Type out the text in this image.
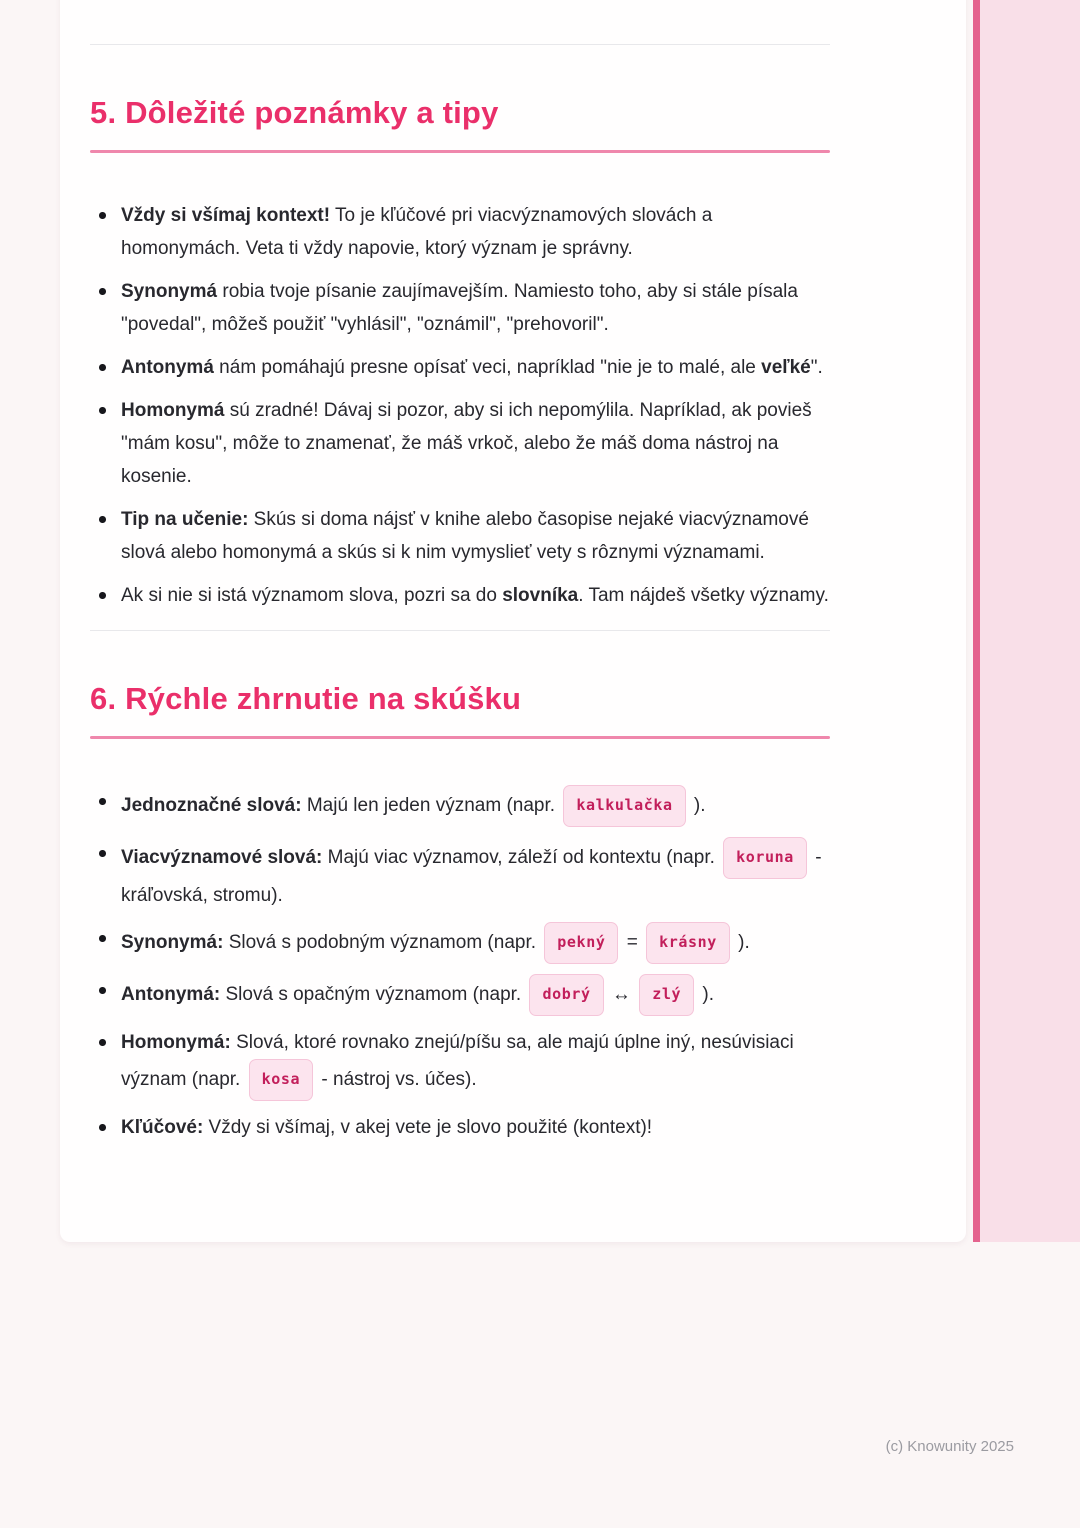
5. Dôležité poznámky a tipy
Vždy si všímaj kontext! To je kľúčové pri viacvýznamových slovách a homonymách. Veta ti vždy napovie, ktorý význam je správny.
Synonymá robia tvoje písanie zaujímavejším. Namiesto toho, aby si stále písala "povedal", môžeš použiť "vyhlásil", "oznámil", "prehovoril".
Antonymá nám pomáhajú presne opísať veci, napríklad "nie je to malé, ale veľké".
Homonymá sú zradné! Dávaj si pozor, aby si ich nepomýlila. Napríklad, ak povieš "mám kosu", môže to znamenať, že máš vrkoč, alebo že máš doma nástroj na kosenie.
Tip na učenie: Skús si doma nájsť v knihe alebo časopise nejaké viacvýznamové slová alebo homonymá a skús si k nim vymyslieť vety s rôznymi významami.
Ak si nie si istá významom slova, pozri sa do slovníka. Tam nájdeš všetky významy.
6. Rýchle zhrnutie na skúšku
Jednoznačné slová: Majú len jeden význam (napr. kalkulačka ).
Viacvýznamové slová: Majú viac významov, záleží od kontextu (napr. koruna - kráľovská, stromu).
Synonymá: Slová s podobným významom (napr. pekný = krásny ).
Antonymá: Slová s opačným významom (napr. dobrý ↔ zlý ).
Homonymá: Slová, ktoré rovnako znejú/píšu sa, ale majú úplne iný, nesúvisiaci význam (napr. kosa - nástroj vs. účes).
Kľúčové: Vždy si všímaj, v akej vete je slovo použité (kontext)!
(c) Knowunity 2025
